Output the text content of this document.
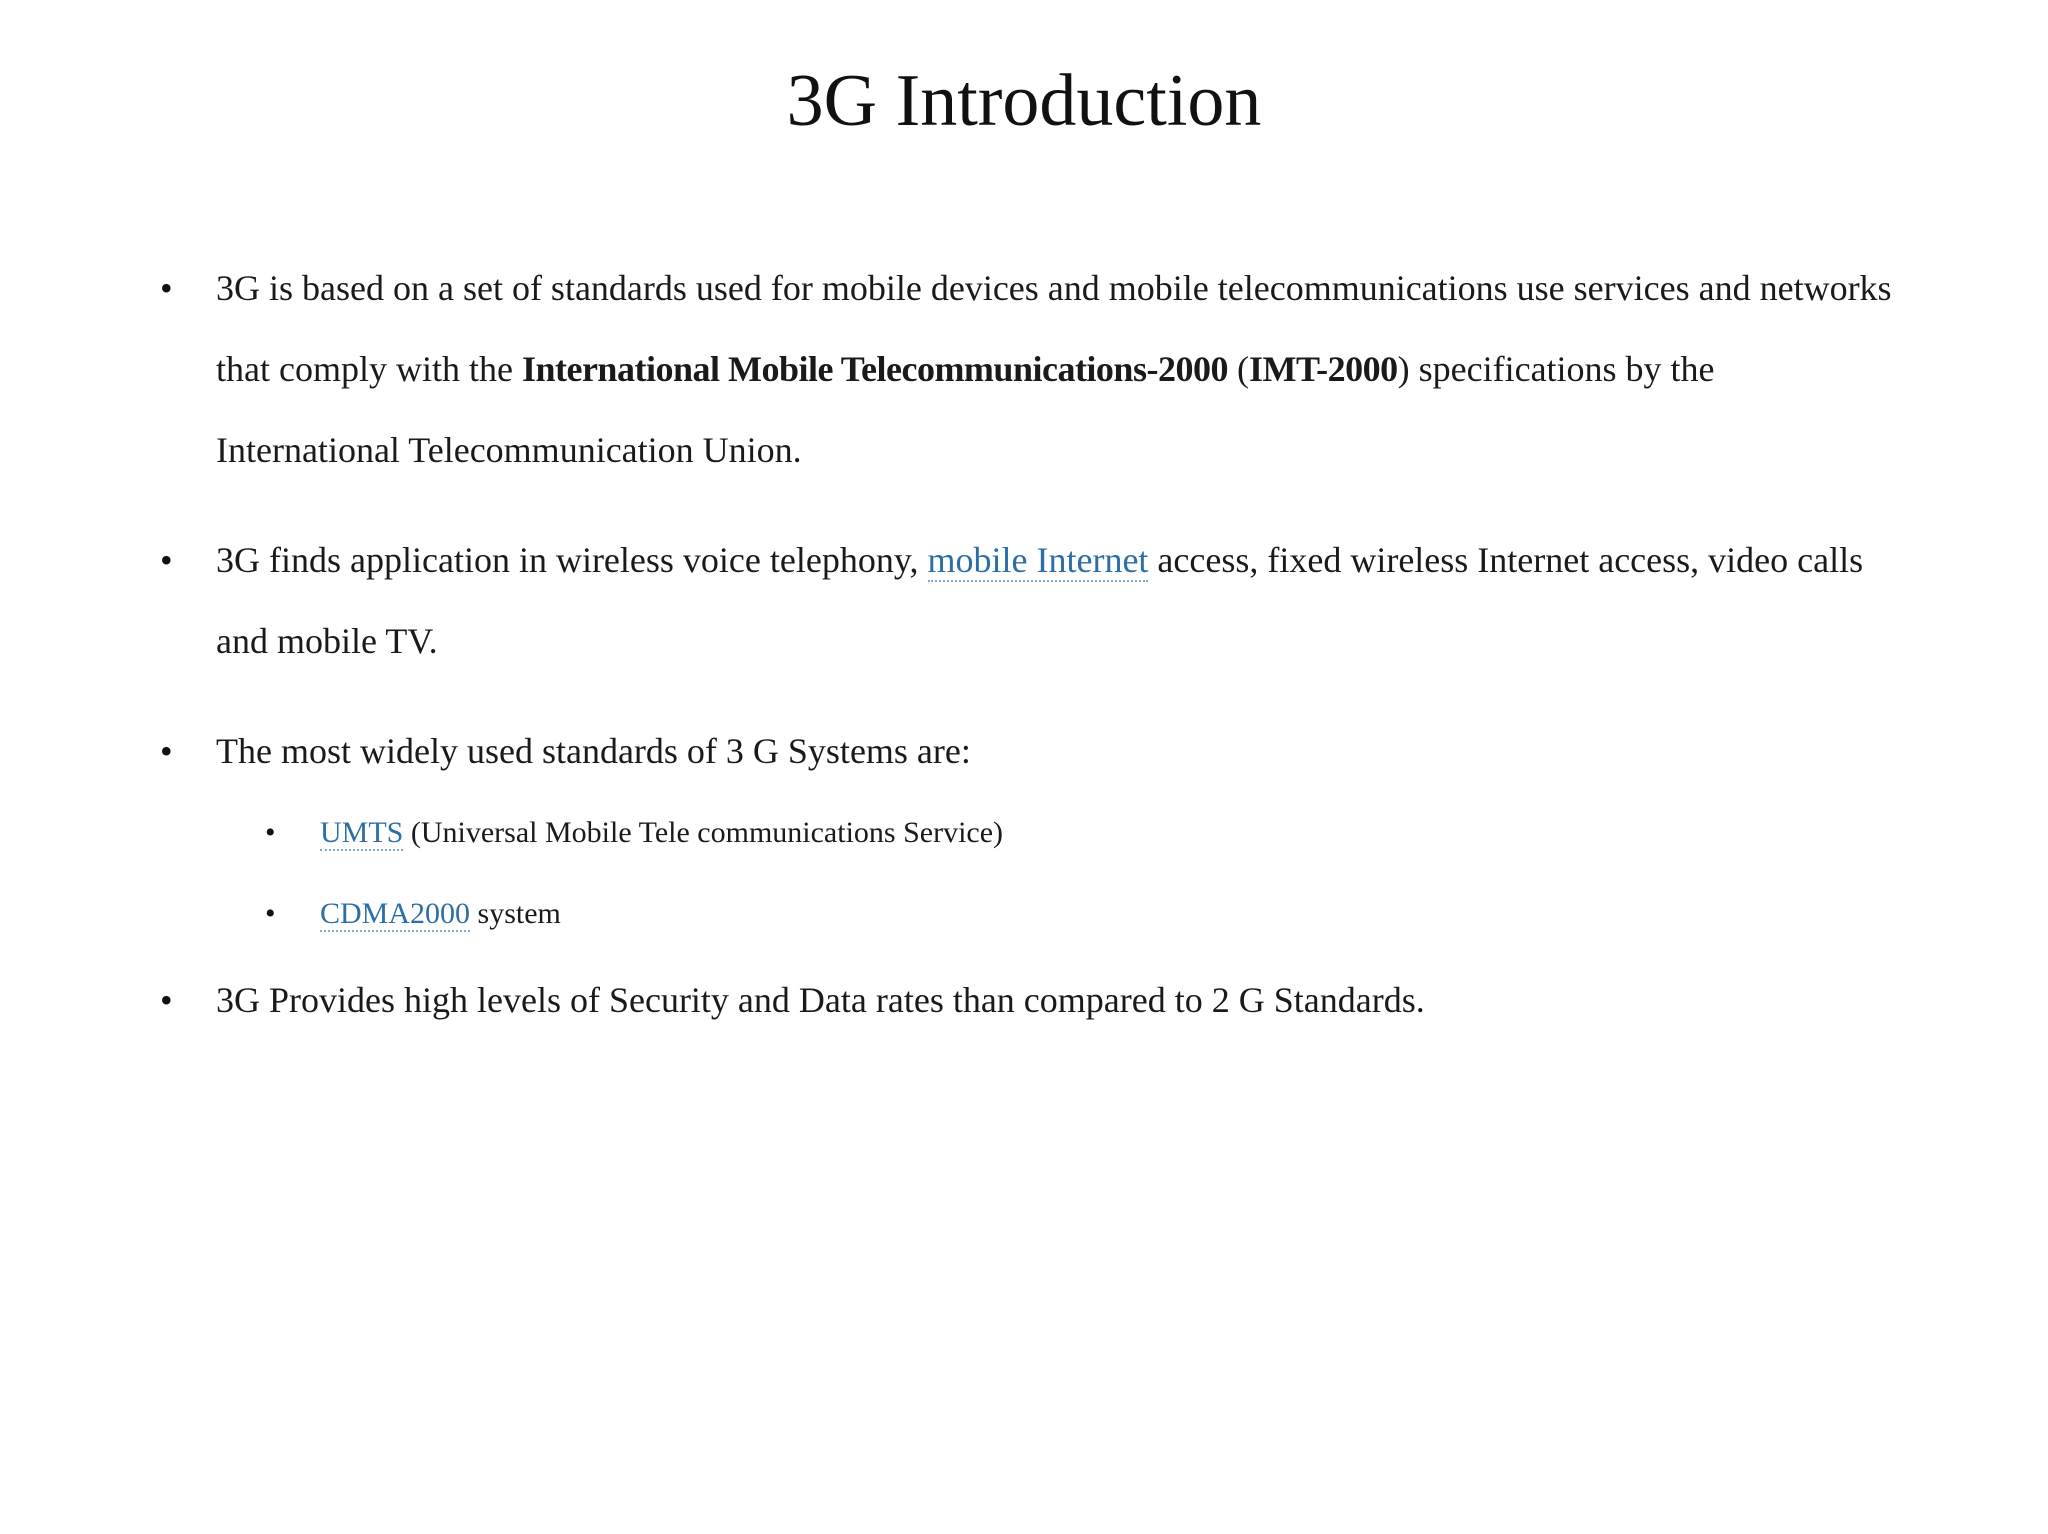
3G Introduction
• 3G is based on a set of standards used for mobile devices and mobile telecommunications use services and networks that comply with the International Mobile Telecommunications-2000 (IMT-2000) specifications by the International Telecommunication Union.
• 3G finds application in wireless voice telephony, mobile Internet access, fixed wireless Internet access, video calls and mobile TV.
• The most widely used standards of 3 G Systems are:
• UMTS (Universal Mobile Tele communications Service)
• CDMA2000 system
• 3G Provides high levels of Security and Data rates than compared to 2 G Standards.
